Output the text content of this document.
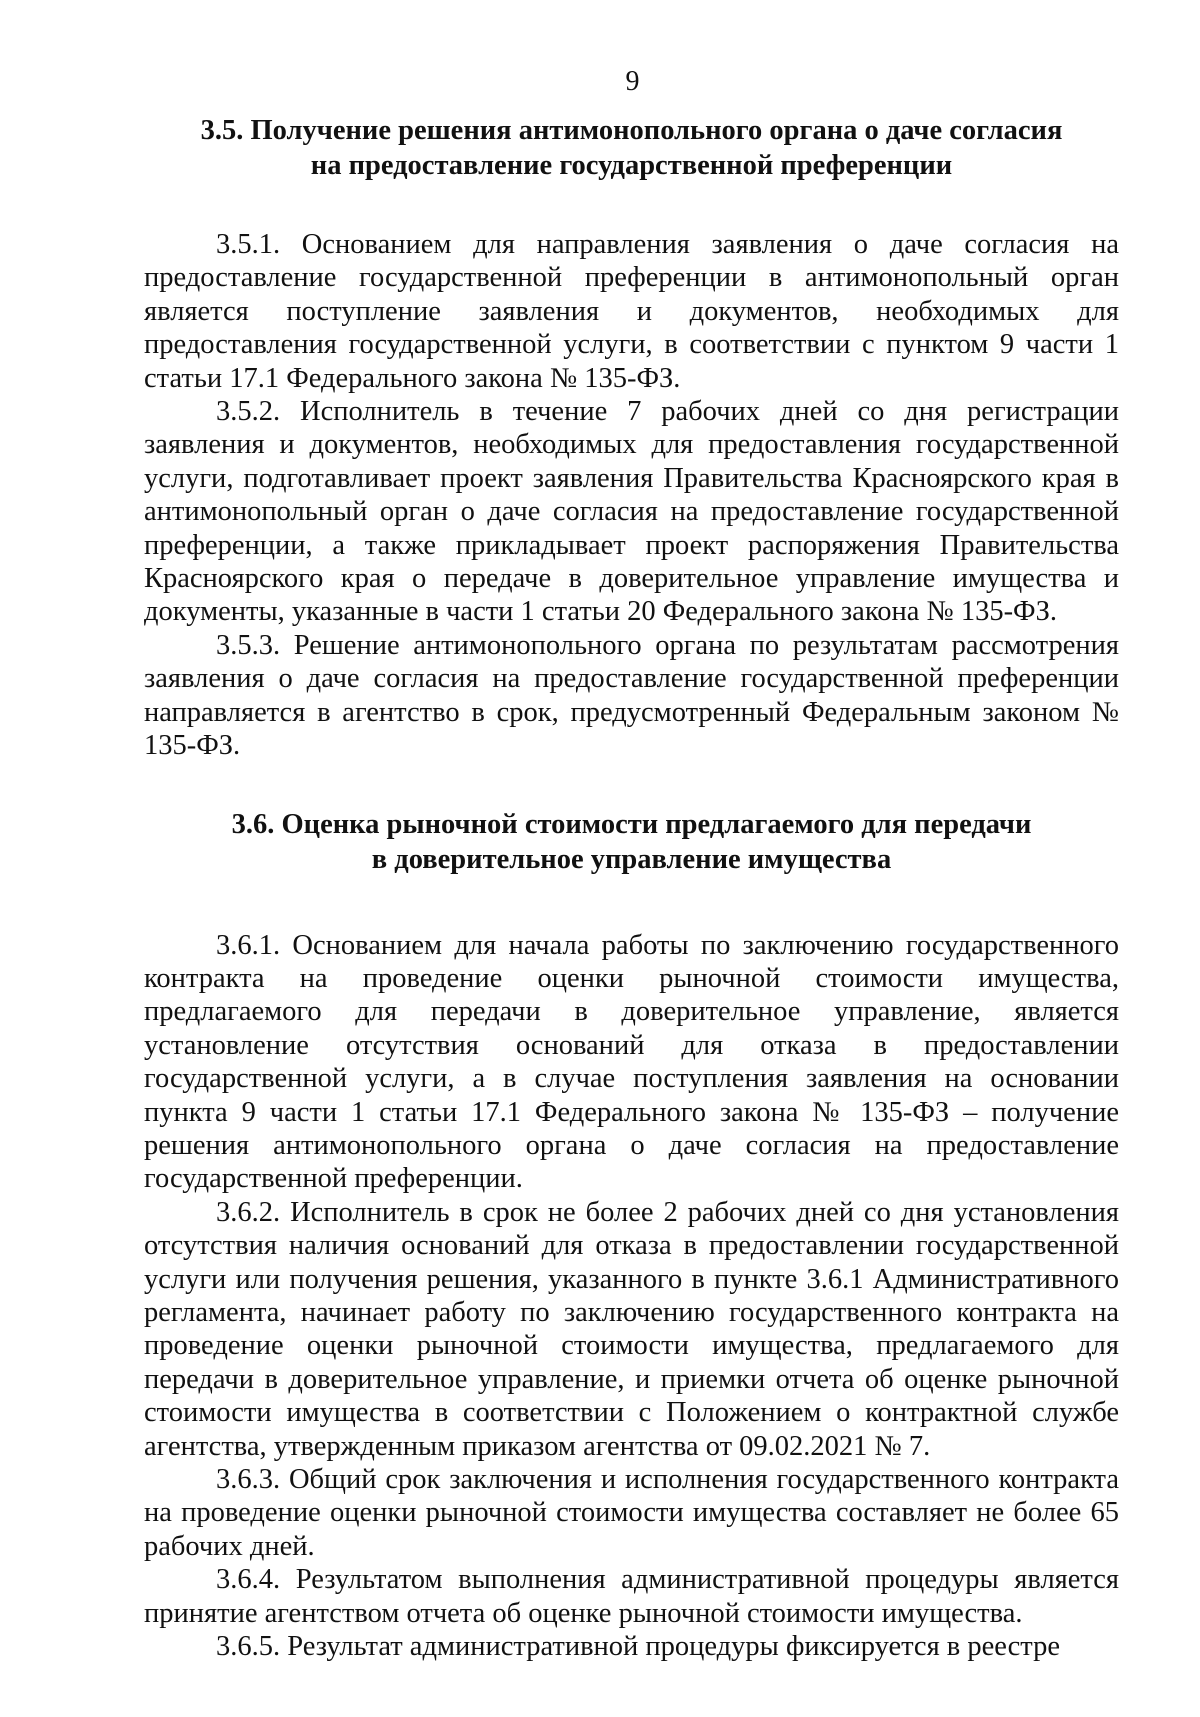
9
3.5. Получение решения антимонопольного органа о даче согласия
на предоставление государственной преференции

3.5.1. Основанием для направления заявления о даче согласия на предоставление государственной преференции в антимонопольный орган является поступление заявления и документов, необходимых для предоставления государственной услуги, в соответствии с пунктом 9 части 1 статьи 17.1 Федерального закона № 135-ФЗ.

3.5.2. Исполнитель в течение 7 рабочих дней со дня регистрации заявления и документов, необходимых для предоставления государственной услуги, подготавливает проект заявления Правительства Красноярского края в антимонопольный орган о даче согласия на предоставление государственной преференции, а также прикладывает проект распоряжения Правительства Красноярского края о передаче в доверительное управление имущества и документы, указанные в части 1 статьи 20 Федерального закона № 135-ФЗ.

3.5.3. Решение антимонопольного органа по результатам рассмотрения заявления о даче согласия на предоставление государственной преференции направляется в агентство в срок, предусмотренный Федеральным законом № 135-ФЗ.

3.6. Оценка рыночной стоимости предлагаемого для передачи
в доверительное управление имущества

3.6.1. Основанием для начала работы по заключению государственного контракта на проведение оценки рыночной стоимости имущества, предлагаемого для передачи в доверительное управление, является установление отсутствия оснований для отказа в предоставлении государственной услуги, а в случае поступления заявления на основании пункта 9 части 1 статьи 17.1 Федерального закона № 135-ФЗ – получение решения антимонопольного органа о даче согласия на предоставление государственной преференции.

3.6.2. Исполнитель в срок не более 2 рабочих дней со дня установления отсутствия наличия оснований для отказа в предоставлении государственной услуги или получения решения, указанного в пункте 3.6.1 Административного регламента, начинает работу по заключению государственного контракта на проведение оценки рыночной стоимости имущества, предлагаемого для передачи в доверительное управление, и приемки отчета об оценке рыночной стоимости имущества в соответствии с Положением о контрактной службе агентства, утвержденным приказом агентства от 09.02.2021 № 7.

3.6.3. Общий срок заключения и исполнения государственного контракта на проведение оценки рыночной стоимости имущества составляет не более 65 рабочих дней.

3.6.4. Результатом выполнения административной процедуры является принятие агентством отчета об оценке рыночной стоимости имущества.

3.6.5. Результат административной процедуры фиксируется в реестре
